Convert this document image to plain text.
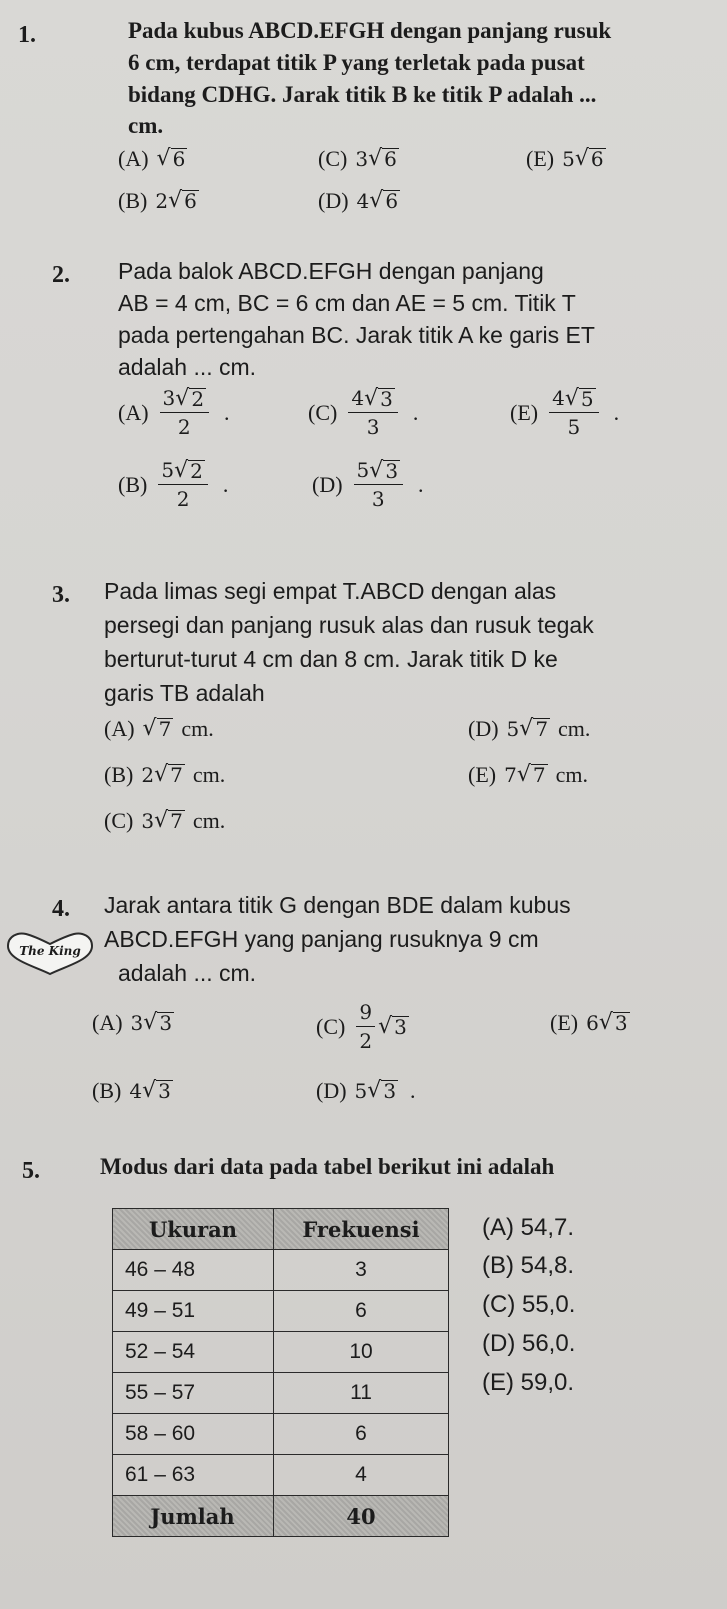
1.	Pada kubus ABCD.EFGH dengan panjang rusuk
6 cm, terdapat titik P yang terletak pada pusat
bidang CDHG. Jarak titik B ke titik P adalah ...
cm.
(A) √ 6
(B) 2 √ 6
(C) 3 √ 6
(D) 4 √ 6
(E) 5 √ 6
2. Pada balok ABCD.EFGH dengan panjang
AB = 4 cm, BC = 6 cm dan AE = 5 cm. Titik T
pada pertengahan BC. Jarak titik A ke garis ET
adalah ... cm.
$(A) \frac{3 √ 2}{2}$ .
$(B) \frac{5 √ 2}{2}$ .
$(C) \frac{4 √ 3}{3}$ .
$(D) \frac{5 √ 3}{3}$ .
$(E) \frac{4 √ 5}{5}$ .
3. Pada limas segi empat T.ABCD dengan alas
persegi dan panjang rusuk alas dan rusuk tegak
berturut-turut 4 cm dan 8 cm. Jarak titik D ke
garis TB adalah
(A) √ 7 cm.
(B) 2 √ 7 cm.
(C) 3 √ 7 cm.
(D) 5 √ 7 cm.
(E) 7 √ 7 cm.
4.
The King
Jarak antara titik G dengan BDE dalam kubus
ABCD.EFGH yang panjang rusuknya 9 cm
adalah ... cm.
(A) 3 √ 3
(B) 4 √ 3
$(C) \frac{9}{2}$ √ 3
(D) 5 √ 3 .
(E) 6 √ 3
5.	Modus dari data pada tabel berikut ini adalah
Ukuran	Frekuensi
46 – 48	3
49 – 51	6
52 – 54	10
55 – 57	11
58 – 60	6
61 – 63	4
Jumlah	40
(A) 54,7.
(B) 54,8.
(C) 55,0.
(D) 56,0.
(E) 59,0.
